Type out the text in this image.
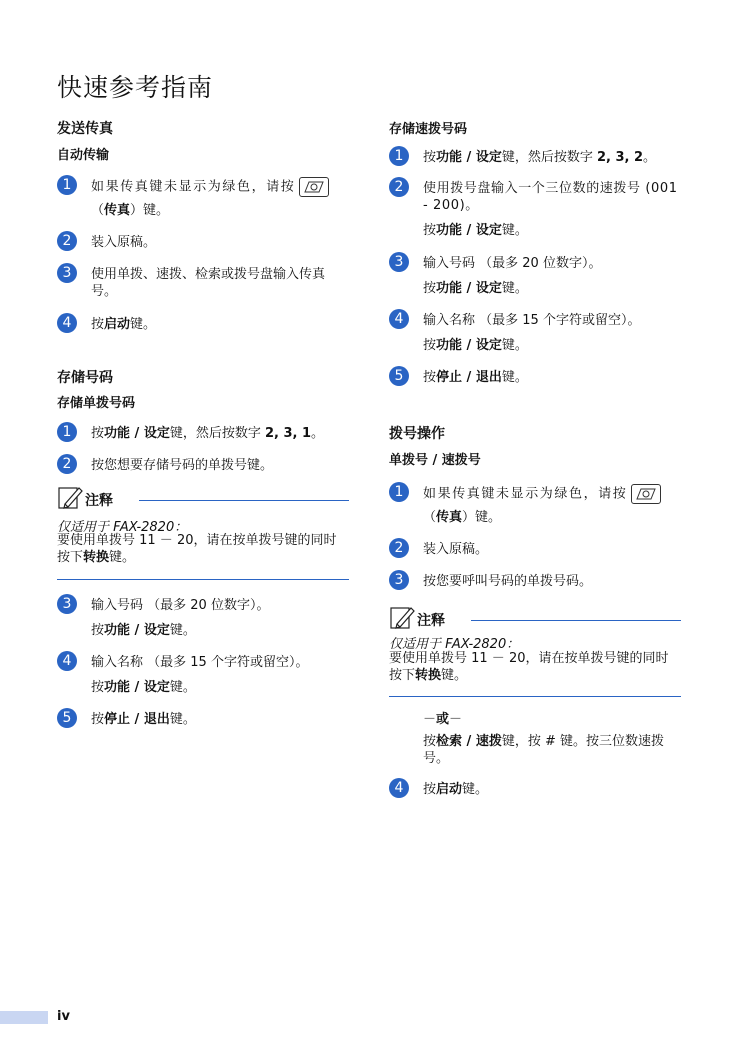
快速参考指南
发送传真
自动传输
1	如果传真键未显示为绿色，请按
（传真）键。
2	装入原稿。
3	使用单拨、速拨、检索或拨号盘输入传真号。
4	按启动键。
存储号码
存储单拨号码
1	按功能 / 设定键，然后按数字 2, 3, 1。
2	按您想要存储号码的单拨号键。
注释
仅适用于 FAX-2820：
要使用单拨号 11 － 20，请在按单拨号键的同时按下转换键。
3	输入号码 （最多 20 位数字）。
按功能 / 设定键。
4	输入名称 （最多 15 个字符或留空）。
按功能 / 设定键。
5	按停止 / 退出键。
存储速拨号码
1	按功能 / 设定键，然后按数字 2, 3, 2。
2	使用拨号盘输入一个三位数的速拨号 (001 - 200)。
按功能 / 设定键。
3	输入号码 （最多 20 位数字）。
按功能 / 设定键。
4	输入名称 （最多 15 个字符或留空）。
按功能 / 设定键。
5	按停止 / 退出键。
拨号操作
单拨号 / 速拨号
1	如果传真键未显示为绿色，请按
（传真）键。
2	装入原稿。
3	按您要呼叫号码的单拨号码。
注释
仅适用于 FAX-2820：
要使用单拨号 11 － 20，请在按单拨号键的同时按下转换键。
－或－
按检索 / 速拨键，按 # 键。按三位数速拨号。
4	按启动键。
iv
